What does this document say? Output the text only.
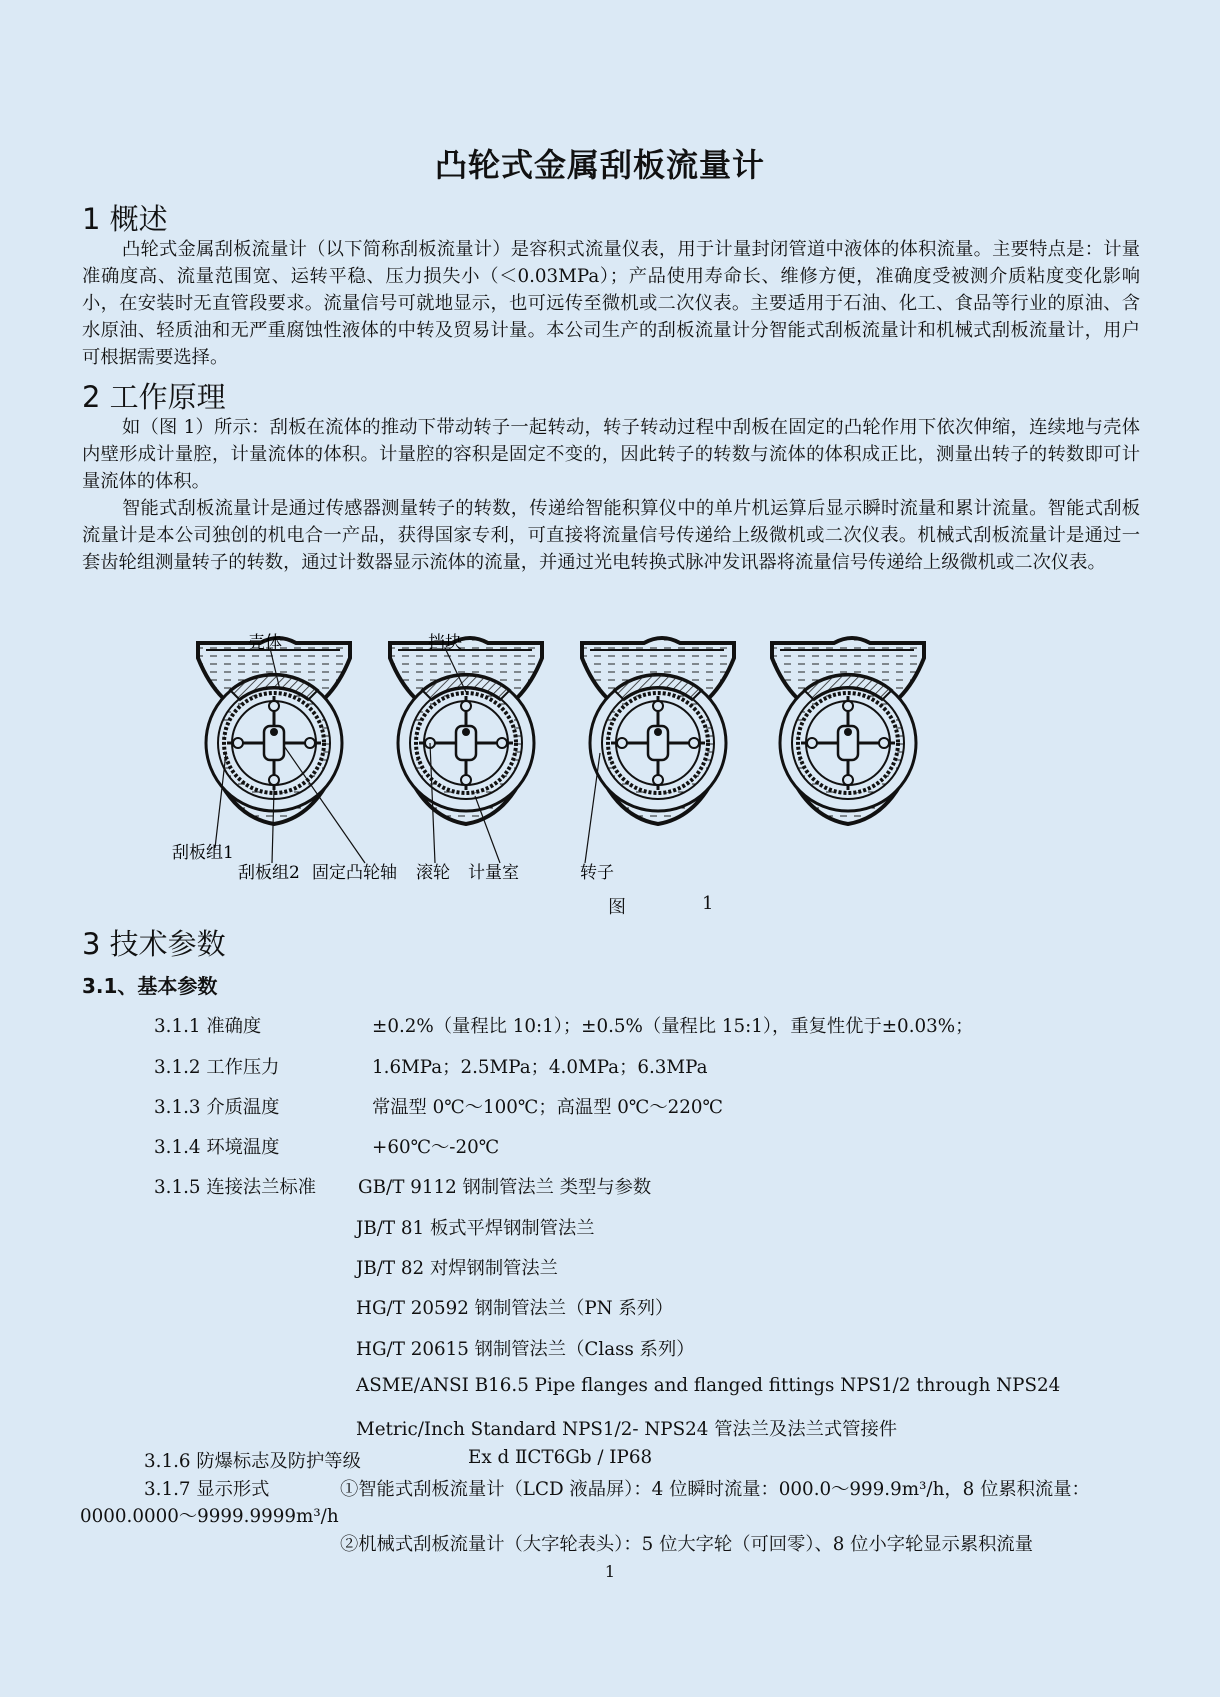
凸轮式金属刮板流量计
1 概述

凸轮式金属刮板流量计（以下简称刮板流量计）是容积式流量仪表，用于计量封闭管道中液体的体积流量。主要特点是：计量准确度高、流量范围宽、运转平稳、压力损失小（＜0.03MPa）；产品使用寿命长、维修方便，准确度受被测介质粘度变化影响小，在安装时无直管段要求。流量信号可就地显示，也可远传至微机或二次仪表。主要适用于石油、化工、食品等行业的原油、含水原油、轻质油和无严重腐蚀性液体的中转及贸易计量。本公司生产的刮板流量计分智能式刮板流量计和机械式刮板流量计，用户可根据需要选择。

2 工作原理

如（图 1）所示：刮板在流体的推动下带动转子一起转动，转子转动过程中刮板在固定的凸轮作用下依次伸缩，连续地与壳体内壁形成计量腔，计量流体的体积。计量腔的容积是固定不变的，因此转子的转数与流体的体积成正比，测量出转子的转数即可计量流体的体积。

智能式刮板流量计是通过传感器测量转子的转数，传递给智能积算仪中的单片机运算后显示瞬时流量和累计流量。智能式刮板流量计是本公司独创的机电合一产品，获得国家专利，可直接将流量信号传递给上级微机或二次仪表。机械式刮板流量计是通过一套齿轮组测量转子的转数，通过计数器显示流体的流量，并通过光电转换式脉冲发讯器将流量信号传递给上级微机或二次仪表。

壳体	挡块
刮板组1
刮板组2 固定凸轮轴 滚轮 计量室	转子
图	1
3 技术参数
3.1、基本参数
3.1.1 准确度	±0.2%（量程比 10:1）；±0.5%（量程比 15:1），重复性优于±0.03%；
3.1.2 工作压力	1.6MPa；2.5MPa；4.0MPa；6.3MPa
3.1.3 介质温度	常温型 0℃～100℃；高温型 0℃～220℃
3.1.4 环境温度	+60℃～-20℃
3.1.5 连接法兰标准 GB/T 9112 钢制管法兰 类型与参数
JB/T 81 板式平焊钢制管法兰
JB/T 82 对焊钢制管法兰
HG/T 20592 钢制管法兰（PN 系列）
HG/T 20615 钢制管法兰（Class 系列）
ASME/ANSI B16.5 Pipe flanges and flanged fittings NPS1/2 through NPS24
Metric/Inch Standard NPS1/2- NPS24 管法兰及法兰式管接件
3.1.6 防爆标志及防护等级	Ex d ⅡCT6Gb / IP68
3.1.7 显示形式	①智能式刮板流量计（LCD 液晶屏）：4 位瞬时流量：000.0～999.9m³/h，8 位累积流量：
0000.0000～9999.9999m³/h
②机械式刮板流量计（大字轮表头）：5 位大字轮（可回零）、8 位小字轮显示累积流量
1
